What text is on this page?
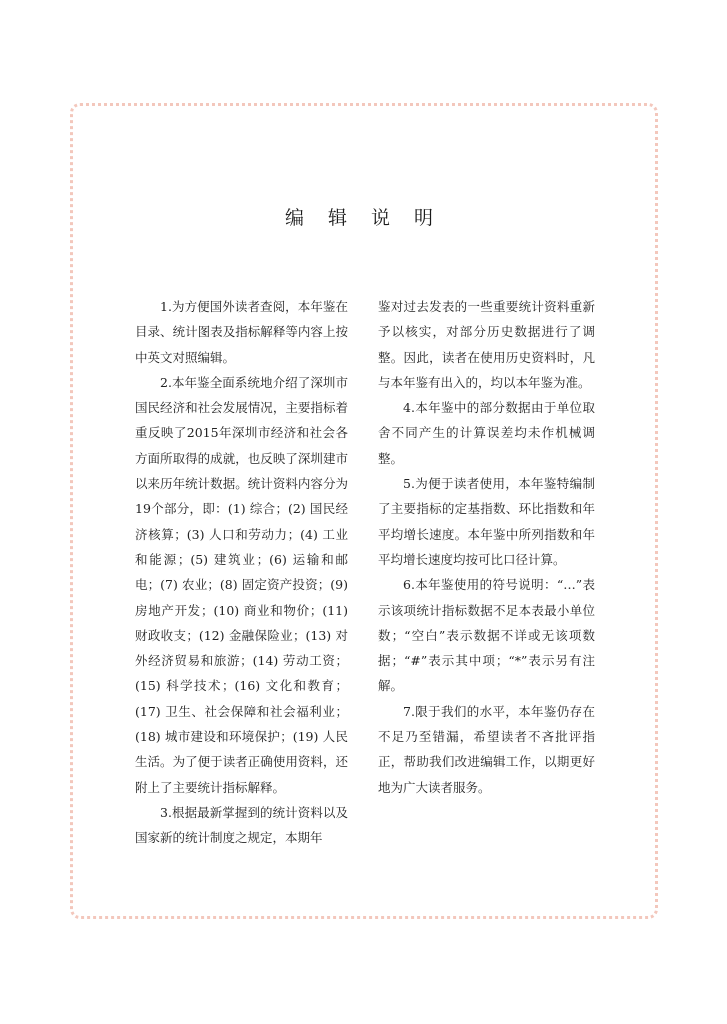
编 辑 说 明

1.为方便国外读者查阅，本年鉴在目录、统计图表及指标解释等内容上按中英文对照编辑。

2.本年鉴全面系统地介绍了深圳市国民经济和社会发展情况，主要指标着重反映了2015年深圳市经济和社会各方面所取得的成就，也反映了深圳建市以来历年统计数据。统计资料内容分为19个部分，即：(1) 综合；(2) 国民经济核算；(3) 人口和劳动力；(4) 工业和能源；(5) 建筑业；(6) 运输和邮电；(7) 农业；(8) 固定资产投资；(9) 房地产开发；(10) 商业和物价；(11) 财政收支；(12) 金融保险业；(13) 对外经济贸易和旅游；(14) 劳动工资；(15) 科学技术；(16) 文化和教育；(17) 卫生、社会保障和社会福利业；(18) 城市建设和环境保护；(19) 人民生活。为了便于读者正确使用资料，还附上了主要统计指标解释。

3.根据最新掌握到的统计资料以及国家新的统计制度之规定，本期年

鉴对过去发表的一些重要统计资料重新予以核实，对部分历史数据进行了调整。因此，读者在使用历史资料时，凡与本年鉴有出入的，均以本年鉴为准。

4.本年鉴中的部分数据由于单位取舍不同产生的计算误差均未作机械调整。

5.为便于读者使用，本年鉴特编制了主要指标的定基指数、环比指数和年平均增长速度。本年鉴中所列指数和年平均增长速度均按可比口径计算。

6.本年鉴使用的符号说明：“…”表示该项统计指标数据不足本表最小单位数；“空白”表示数据不详或无该项数据；“#”表示其中项；“*”表示另有注解。

7.限于我们的水平，本年鉴仍存在不足乃至错漏，希望读者不吝批评指正，帮助我们改进编辑工作，以期更好地为广大读者服务。
